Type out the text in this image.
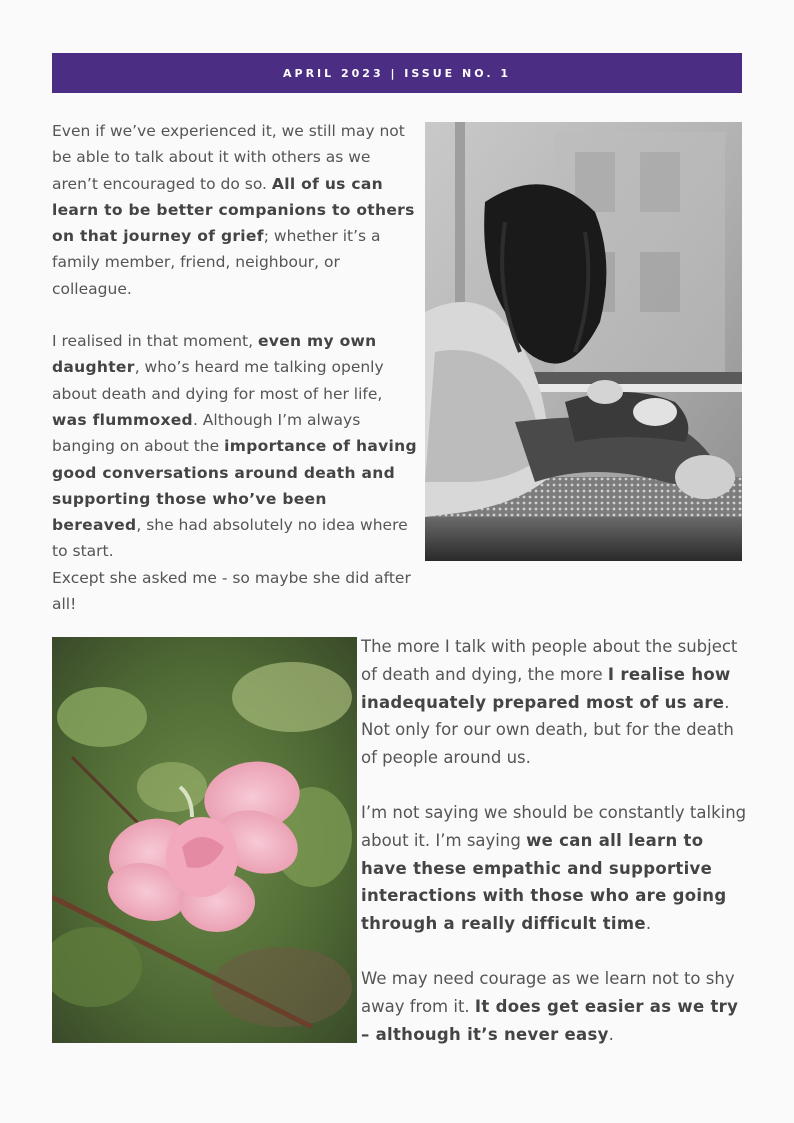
APRIL 2023 | ISSUE NO. 1

Even if we’ve experienced it, we still may not be able to talk about it with others as we aren’t encouraged to do so. All of us can learn to be better companions to others on that journey of grief; whether it’s a family member, friend, neighbour, or colleague.

I realised in that moment, even my own daughter, who’s heard me talking openly about death and dying for most of her life, was flummoxed. Although I’m always banging on about the importance of having good conversations around death and supporting those who’ve been bereaved, she had absolutely no idea where to start.

Except she asked me - so maybe she did after all!

The more I talk with people about the subject of death and dying, the more I realise how inadequately prepared most of us are. Not only for our own death, but for the death of people around us.

I’m not saying we should be constantly talking about it. I’m saying we can all learn to have these empathic and supportive interactions with those who are going through a really difficult time.

We may need courage as we learn not to shy away from it. It does get easier as we try – although it’s never easy.
